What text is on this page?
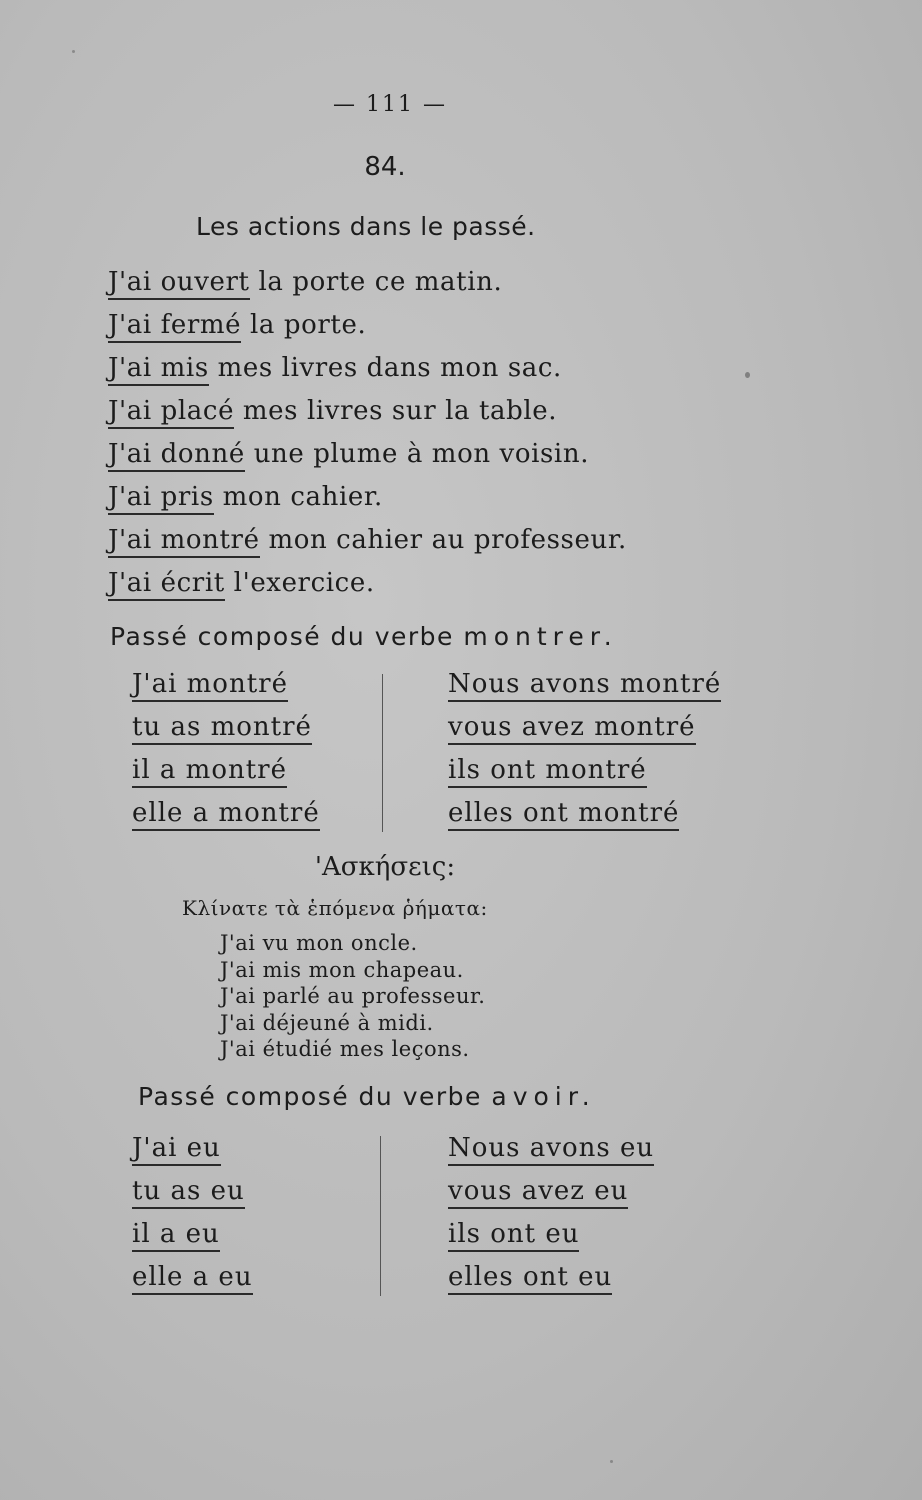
— 111 —
84.
Les actions dans le passé.
J'ai ouvert la porte ce matin.
J'ai fermé la porte.
J'ai mis mes livres dans mon sac.
J'ai placé mes livres sur la table.
J'ai donné une plume à mon voisin.
J'ai pris mon cahier.
J'ai montré mon cahier au professeur.
J'ai écrit l'exercice.
Passé composé du verbe montrer.
J'ai montré
tu as montré
il a montré
elle a montré
Nous avons montré
vous avez montré
ils ont montré
elles ont montré
'Ασκήσεις:
Κλίνατε τὰ ἑπόμενα ῥήματα:
J'ai vu mon oncle.
J'ai mis mon chapeau.
J'ai parlé au professeur.
J'ai déjeuné à midi.
J'ai étudié mes leçons.
Passé composé du verbe avoir.
J'ai eu
tu as eu
il a eu
elle a eu
Nous avons eu
vous avez eu
ils ont eu
elles ont eu
